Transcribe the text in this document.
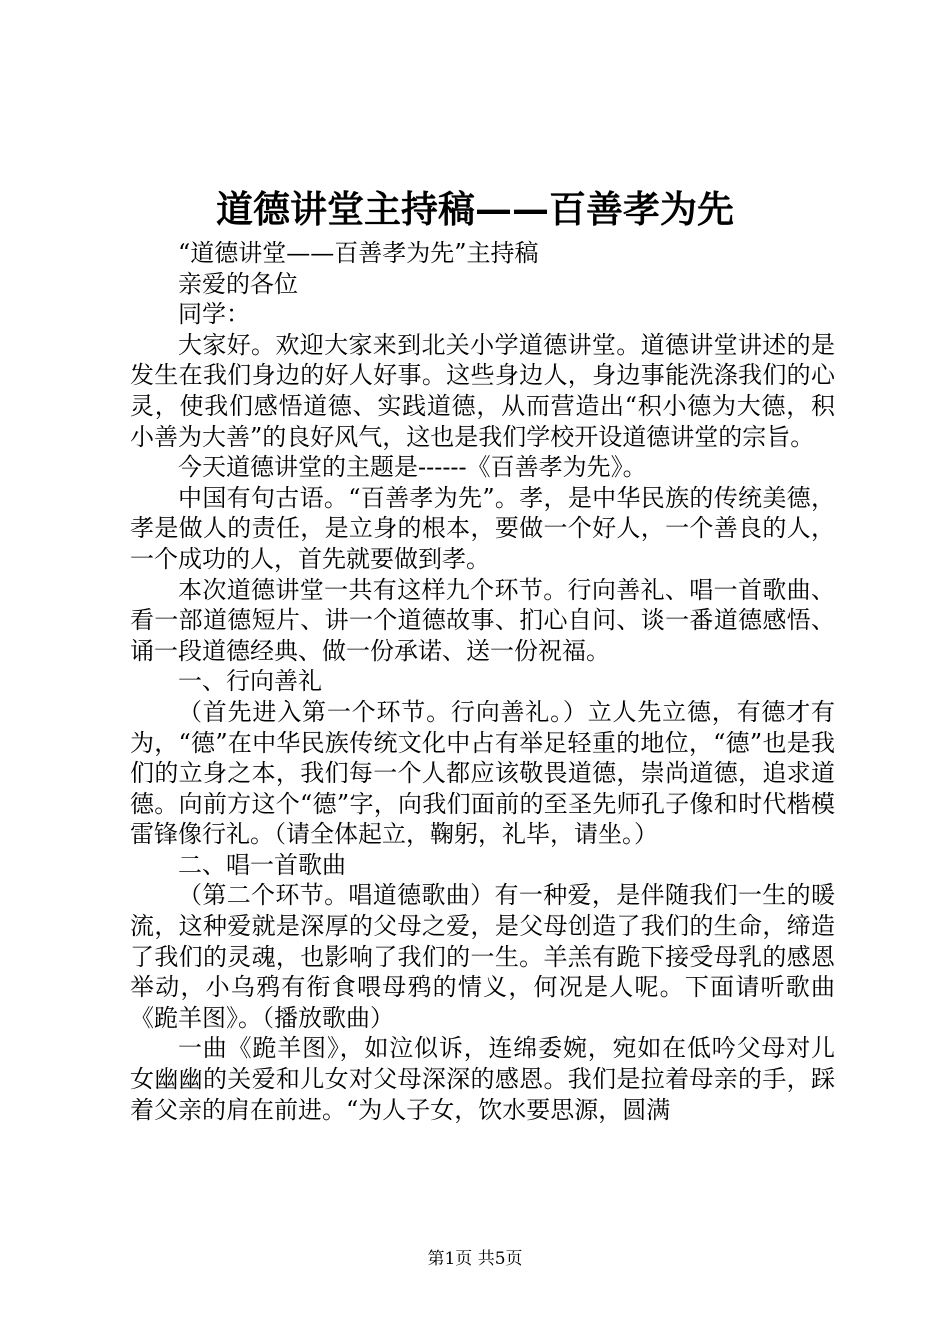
道德讲堂主持稿——百善孝为先

“道德讲堂——百善孝为先”主持稿

亲爱的各位

同学：

大家好。欢迎大家来到北关小学道德讲堂。道德讲堂讲述的是发生在我们身边的好人好事。这些身边人，身边事能洗涤我们的心灵，使我们感悟道德、实践道德，从而营造出“积小德为大德，积小善为大善”的良好风气，这也是我们学校开设道德讲堂的宗旨。

今天道德讲堂的主题是------《百善孝为先》。

中国有句古语。“百善孝为先”。孝，是中华民族的传统美德，孝是做人的责任，是立身的根本，要做一个好人，一个善良的人，一个成功的人，首先就要做到孝。

本次道德讲堂一共有这样九个环节。行向善礼、唱一首歌曲、看一部道德短片、讲一个道德故事、扪心自问、谈一番道德感悟、诵一段道德经典、做一份承诺、送一份祝福。

一、行向善礼

（首先进入第一个环节。行向善礼。）立人先立德，有德才有为，“德”在中华民族传统文化中占有举足轻重的地位，“德”也是我们的立身之本，我们每一个人都应该敬畏道德，崇尚道德，追求道德。向前方这个“德”字，向我们面前的至圣先师孔子像和时代楷模雷锋像行礼。（请全体起立，鞠躬，礼毕，请坐。）

二、唱一首歌曲

（第二个环节。唱道德歌曲）有一种爱，是伴随我们一生的暖流，这种爱就是深厚的父母之爱，是父母创造了我们的生命，缔造了我们的灵魂，也影响了我们的一生。羊羔有跪下接受母乳的感恩举动，小乌鸦有衔食喂母鸦的情义，何况是人呢。下面请听歌曲《跪羊图》。（播放歌曲）

一曲《跪羊图》，如泣似诉，连绵委婉，宛如在低吟父母对儿女幽幽的关爱和儿女对父母深深的感恩。我们是拉着母亲的手，踩着父亲的肩在前进。“为人子女，饮水要思源，圆满

第1页 共5页
